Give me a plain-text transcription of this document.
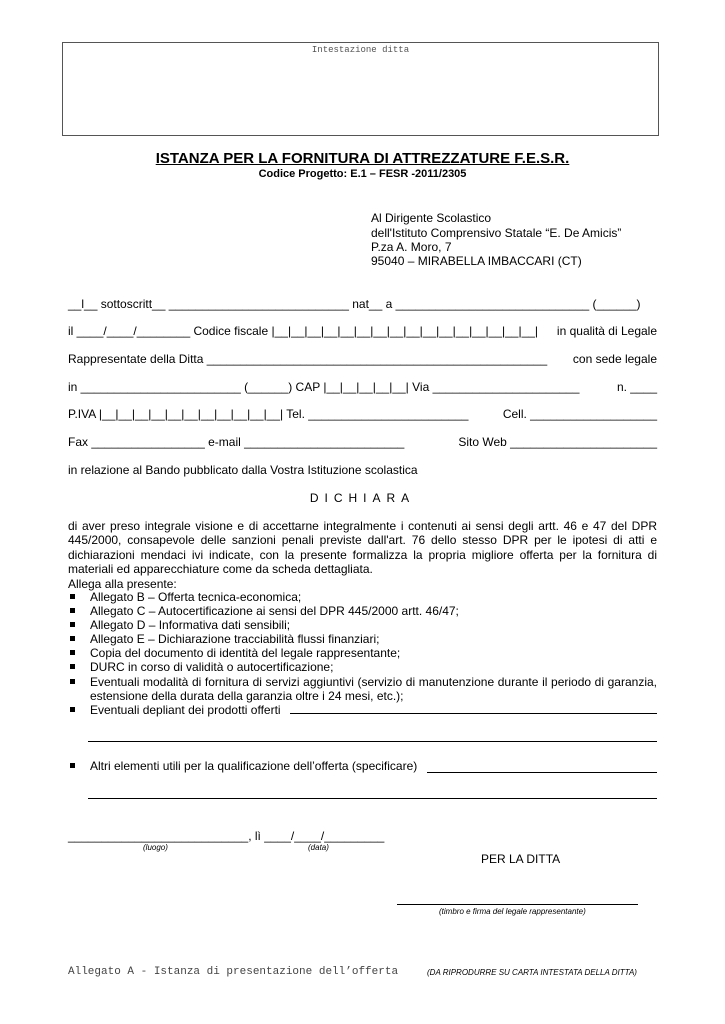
Intestazione ditta
ISTANZA PER LA FORNITURA DI ATTREZZATURE F.E.S.R.
Codice Progetto: E.1 – FESR -2011/2305
Al Dirigente Scolastico
dell'Istituto Comprensivo Statale “E. De Amicis”
P.za A. Moro, 7
95040 – MIRABELLA IMBACCARI (CT)
__l__ sottoscritt__ ___________________________ nat__ a _____________________________ (______)
il ____/____/________ Codice fiscale |__|__|__|__|__|__|__|__|__|__|__|__|__|__|__|__| in qualità di Legale
Rappresentate della Ditta ___________________________________________________ con sede legale
in ________________________ (______) CAP |__|__|__|__|__| Via ______________________	n. ____
P.IVA |__|__|__|__|__|__|__|__|__|__|__| Tel. ________________________	Cell. ___________________
Fax _________________ e-mail ________________________	Sito Web ______________________
in relazione al Bando pubblicato dalla Vostra Istituzione scolastica
DICHIARA
di aver preso integrale visione e di accettarne integralmente i contenuti ai sensi degli artt. 46 e 47 del DPR 445/2000, consapevole delle sanzioni penali previste dall'art. 76 dello stesso DPR per le ipotesi di atti e dichiarazioni mendaci ivi indicate, con la presente formalizza la propria migliore offerta per la fornitura di materiali ed apparecchiature come da scheda dettagliata.
Allega alla presente:
Allegato B – Offerta tecnica-economica;
Allegato C – Autocertificazione ai sensi del DPR 445/2000 artt. 46/47;
Allegato D – Informativa dati sensibili;
Allegato E – Dichiarazione tracciabilità flussi finanziari;
Copia del documento di identità del legale rappresentante;
DURC in corso di validità o autocertificazione;
Eventuali modalità di fornitura di servizi aggiuntivi (servizio di manutenzione durante il periodo di garanzia, estensione della durata della garanzia oltre i 24 mesi, etc.);
Eventuali depliant dei prodotti offerti
Altri elementi utili per la qualificazione dell’offerta (specificare)
___________________________, lì ____/____/_________
(luogo)	(data)
PER LA DITTA
(timbro e firma del legale rappresentante)
Allegato A - Istanza di presentazione dell’offerta	(DA RIPRODURRE SU CARTA INTESTATA DELLA DITTA)
